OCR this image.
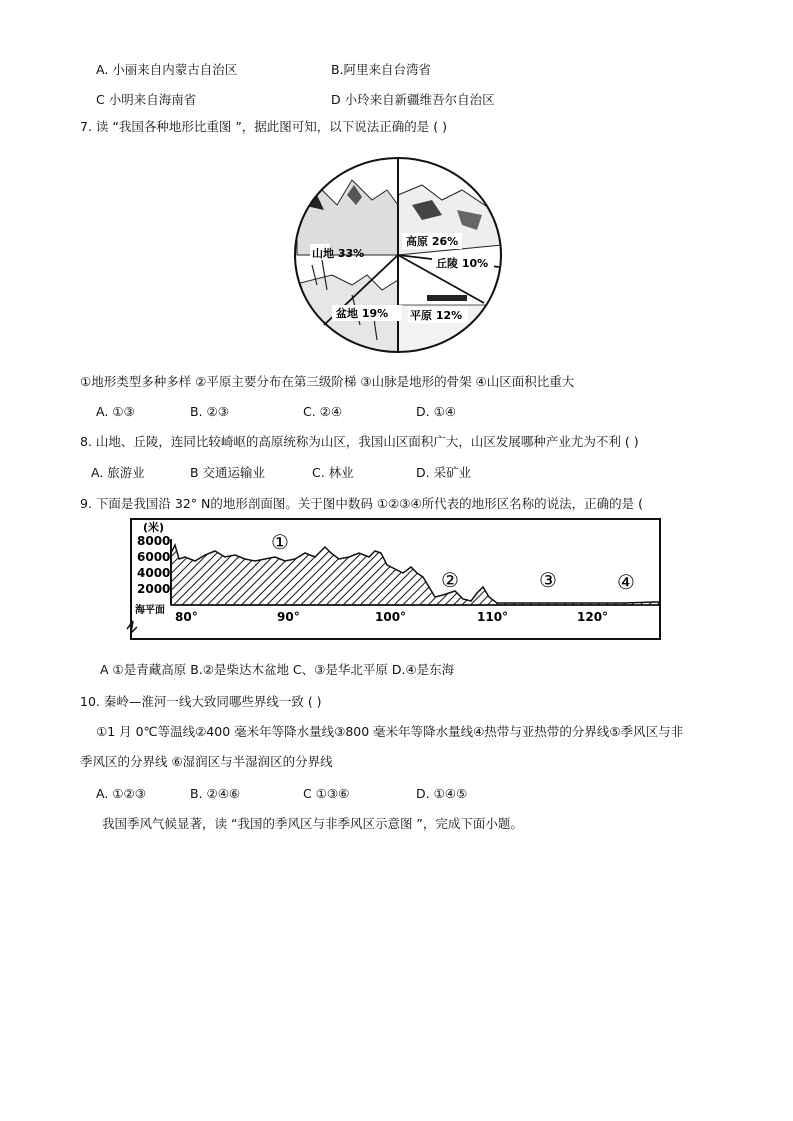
A. 小丽来自内蒙古自治区	B.阿里来自台湾省
C 小明来自海南省	D 小玲来自新疆维吾尔自治区
7. 读 “我国各种地形比重图 ”，据此图可知，以下说法正确的是 ( )
山地 33%
高原 26%
丘陵 10%
平原 12%
盆地 19%
①地形类型多种多样 ②平原主要分布在第三级阶梯 ③山脉是地形的骨架 ④山区面积比重大
A. ①③	B. ②③	C. ②④	D. ①④
8. 山地、丘陵，连同比较崎岖的高原统称为山区，我国山区面积广大，山区发展哪种产业尤为不利 ( )
A. 旅游业	B 交通运输业	C. 林业	D. 采矿业
9. 下面是我国沿 32° N的地形剖面图。关于图中数码 ①②③④所代表的地形区名称的说法，正确的是 (
(米)
8000
6000
4000
2000
海平面
①
②	③	④
80°	90°	100°	110°	120°
A ①是青藏高原 B.②是柴达木盆地 C、③是华北平原 D.④是东海
10. 秦岭—淮河一线大致同哪些界线一致 ( )
①1 月 0℃等温线②400 毫米年等降水量线③800 毫米年等降水量线④热带与亚热带的分界线⑤季风区与非
季风区的分界线 ⑥湿润区与半湿润区的分界线
A. ①②③	B. ②④⑥	C ①③⑥	D. ①④⑤
我国季风气候显著，读 “我国的季风区与非季风区示意图 ”，完成下面小题。
